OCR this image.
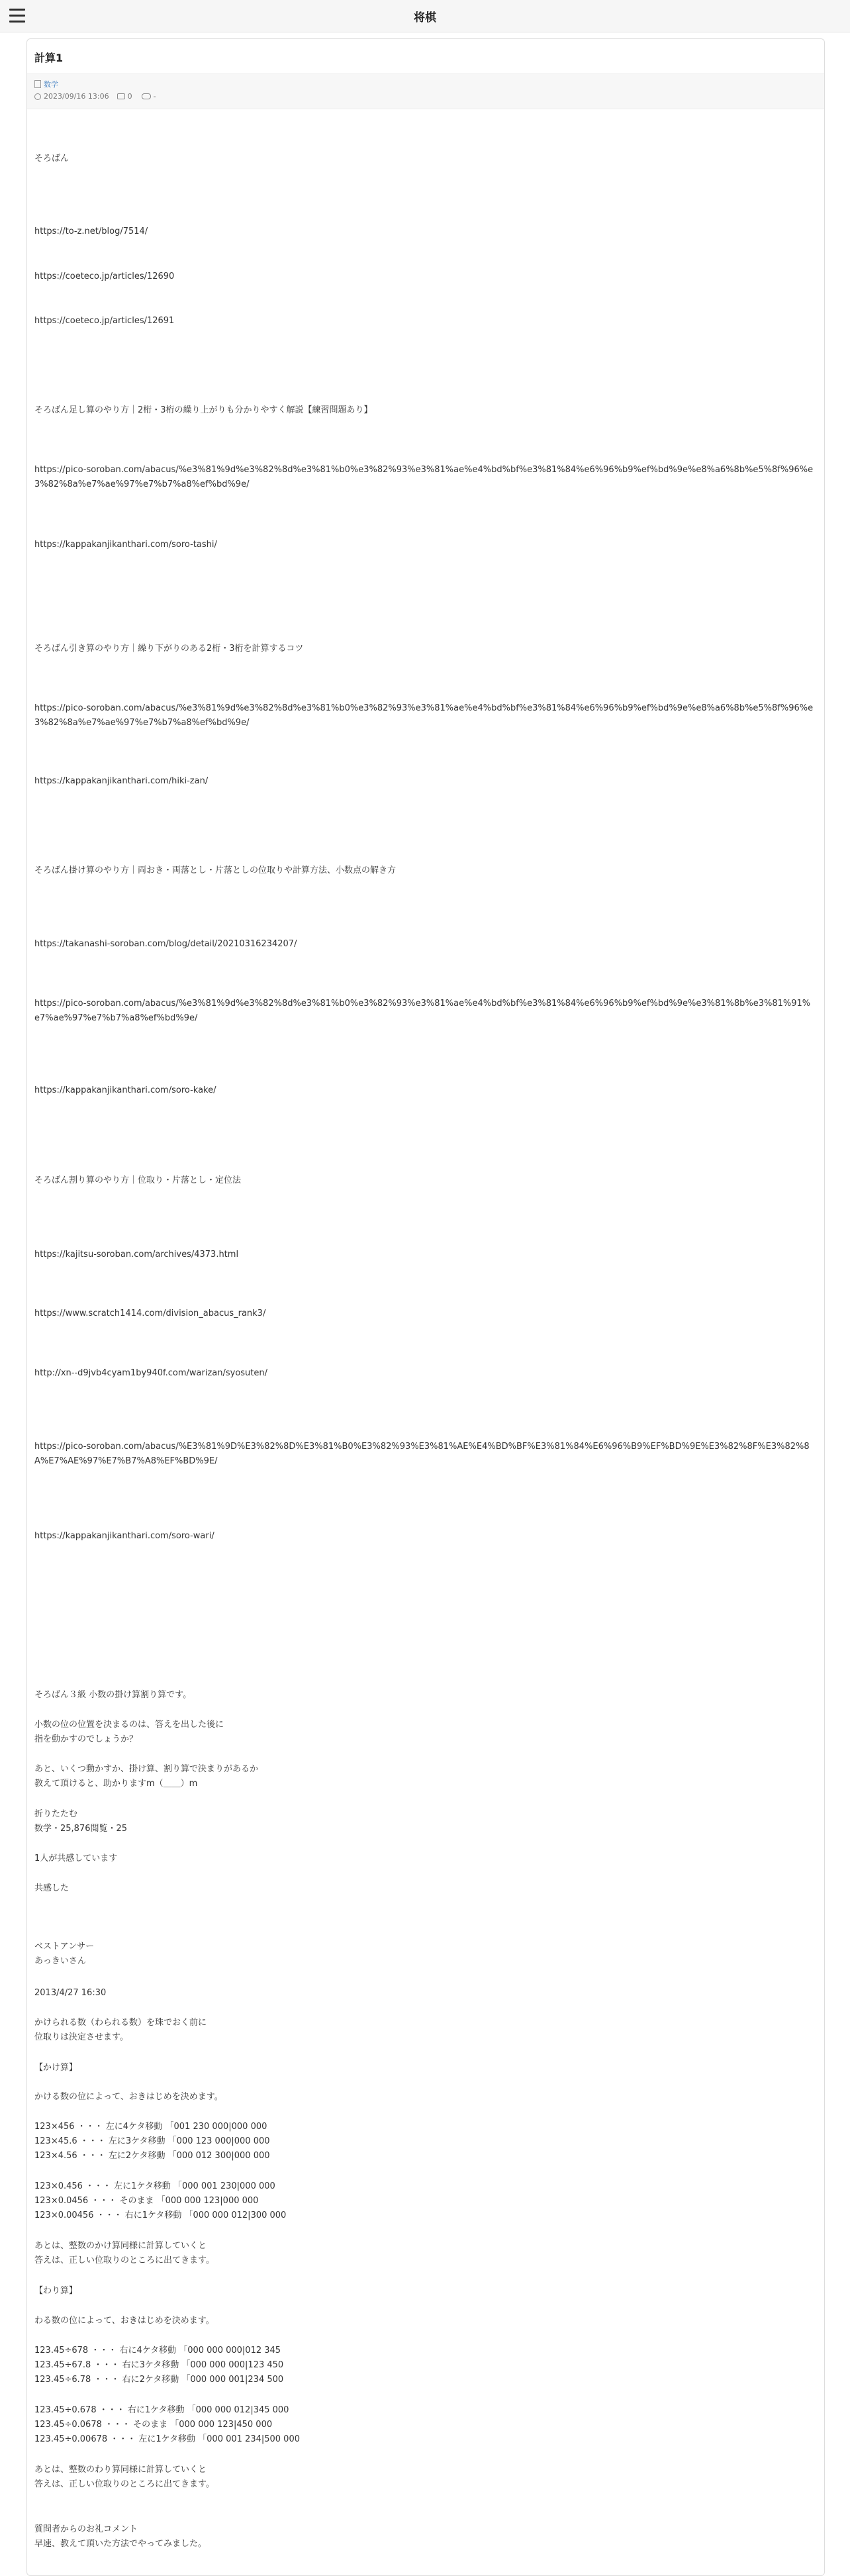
将棋
計算1
数学
2023/09/16 13:06	0	-
そろばん
https://to-z.net/blog/7514/
https://coeteco.jp/articles/12690
https://coeteco.jp/articles/12691
そろばん足し算のやり方｜2桁・3桁の繰り上がりも分かりやすく解説【練習問題あり】
https://pico-soroban.com/abacus/%e3%81%9d%e3%82%8d%e3%81%b0%e3%82%93%e3%81%ae%e4%bd%bf%e3%81%84%e6%96%b9%ef%bd%9e%e8%a6%8b%e5%8f%96%e3%82%8a%e7%ae%97%e7%b7%a8%ef%bd%9e/
https://kappakanjikanthari.com/soro-tashi/
そろばん引き算のやり方｜繰り下がりのある2桁・3桁を計算するコツ
https://pico-soroban.com/abacus/%e3%81%9d%e3%82%8d%e3%81%b0%e3%82%93%e3%81%ae%e4%bd%bf%e3%81%84%e6%96%b9%ef%bd%9e%e8%a6%8b%e5%8f%96%e3%82%8a%e7%ae%97%e7%b7%a8%ef%bd%9e/
https://kappakanjikanthari.com/hiki-zan/
そろばん掛け算のやり方｜両おき・両落とし・片落としの位取りや計算方法、小数点の解き方
https://takanashi-soroban.com/blog/detail/20210316234207/
https://pico-soroban.com/abacus/%e3%81%9d%e3%82%8d%e3%81%b0%e3%82%93%e3%81%ae%e4%bd%bf%e3%81%84%e6%96%b9%ef%bd%9e%e3%81%8b%e3%81%91%e7%ae%97%e7%b7%a8%ef%bd%9e/
https://kappakanjikanthari.com/soro-kake/
そろばん割り算のやり方｜位取り・片落とし・定位法
https://kajitsu-soroban.com/archives/4373.html
https://www.scratch1414.com/division_abacus_rank3/
http://xn--d9jvb4cyam1by940f.com/warizan/syosuten/
https://pico-soroban.com/abacus/%E3%81%9D%E3%82%8D%E3%81%B0%E3%82%93%E3%81%AE%E4%BD%BF%E3%81%84%E6%96%B9%EF%BD%9E%E3%82%8F%E3%82%8A%E7%AE%97%E7%B7%A8%EF%BD%9E/
https://kappakanjikanthari.com/soro-wari/
そろばん３級 小数の掛け算割り算です。
小数の位の位置を決まるのは、答えを出した後に
指を動かすのでしょうか？
あと、いくつ動かすか、掛け算、割り算で決まりがあるか
教えて頂けると、助かりますm（＿＿）m
折りたたむ
数学・25,876閲覧・25
1人が共感しています
共感した
ベストアンサー
あっきいさん
2013/4/27 16:30
かけられる数（わられる数）を珠でおく前に
位取りは決定させます。
【かけ算】
かける数の位によって、おきはじめを決めます。
123×456 ・・・ 左に4ケタ移動 「001 230 000|000 000
123×45.6 ・・・ 左に3ケタ移動 「000 123 000|000 000
123×4.56 ・・・ 左に2ケタ移動 「000 012 300|000 000
123×0.456 ・・・ 左に1ケタ移動 「000 001 230|000 000
123×0.0456 ・・・ そのまま 「000 000 123|000 000
123×0.00456 ・・・ 右に1ケタ移動 「000 000 012|300 000
あとは、整数のかけ算同様に計算していくと
答えは、正しい位取りのところに出てきます。
【わり算】
わる数の位によって、おきはじめを決めます。
123.45÷678 ・・・ 右に4ケタ移動 「000 000 000|012 345
123.45÷67.8 ・・・ 右に3ケタ移動 「000 000 000|123 450
123.45÷6.78 ・・・ 右に2ケタ移動 「000 000 001|234 500
123.45÷0.678 ・・・ 右に1ケタ移動 「000 000 012|345 000
123.45÷0.0678 ・・・ そのまま 「000 000 123|450 000
123.45÷0.00678 ・・・ 左に1ケタ移動 「000 001 234|500 000
あとは、整数のわり算同様に計算していくと
答えは、正しい位取りのところに出てきます。
質問者からのお礼コメント
早速、教えて頂いた方法でやってみました。
